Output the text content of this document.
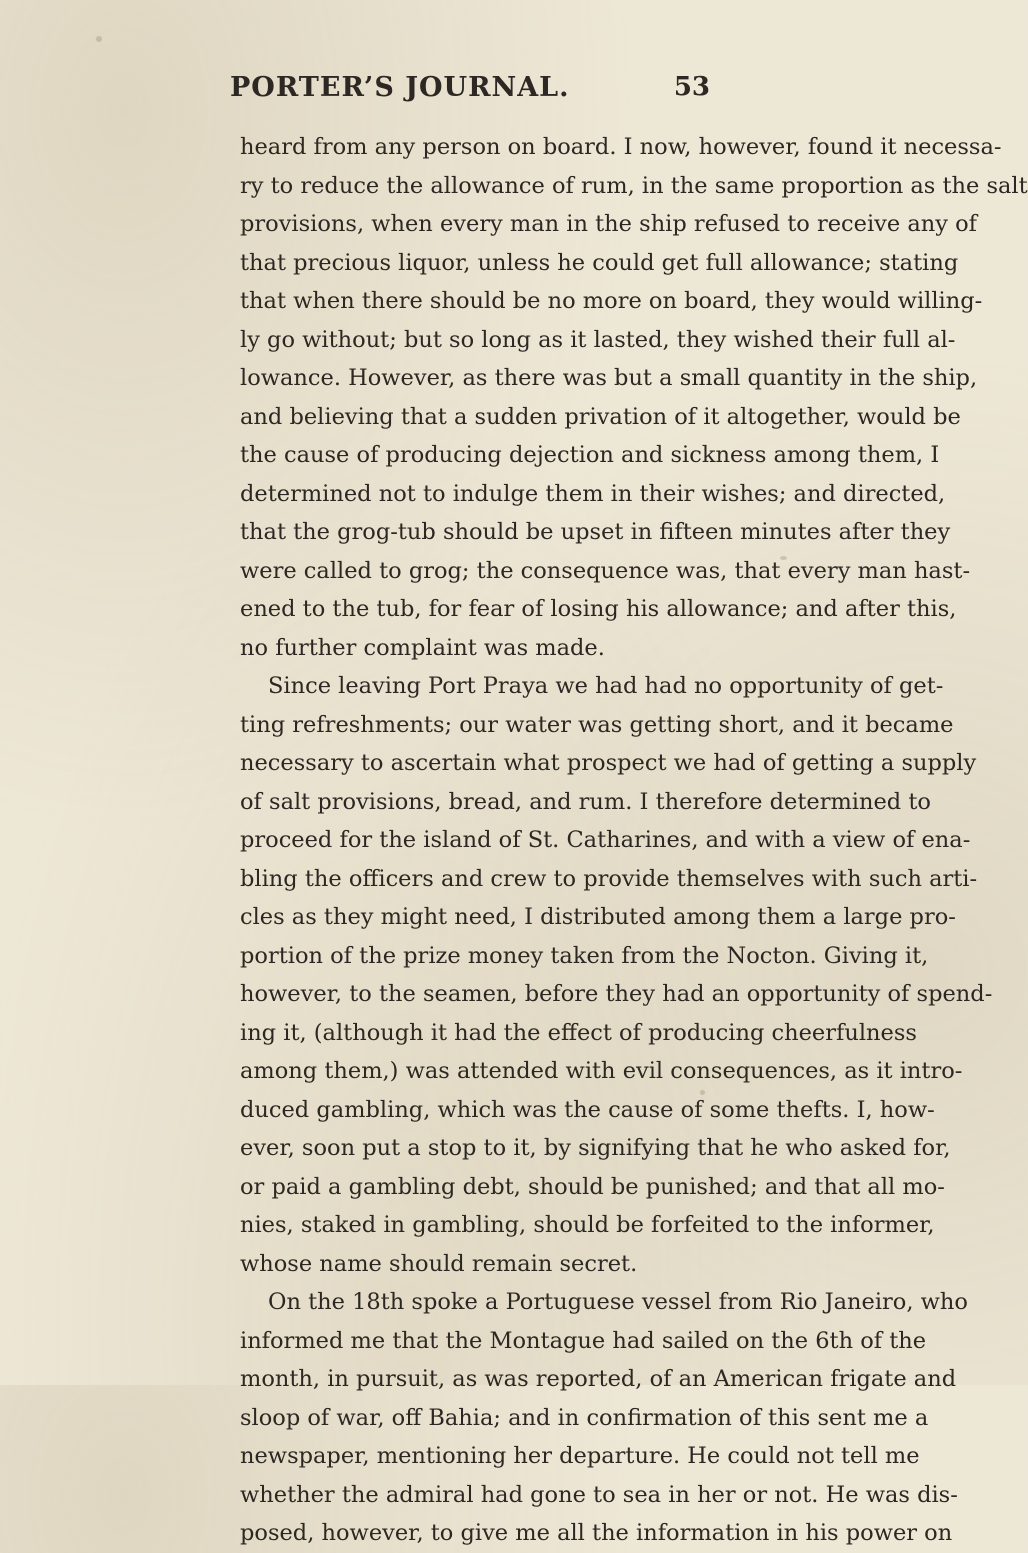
PORTER’S JOURNAL.	53
heard from any person on board. I now, however, found it necessa-
ry to reduce the allowance of rum, in the same proportion as the salt
provisions, when every man in the ship refused to receive any of
that precious liquor, unless he could get full allowance; stating
that when there should be no more on board, they would willing-
ly go without; but so long as it lasted, they wished their full al-
lowance. However, as there was but a small quantity in the ship,
and believing that a sudden privation of it altogether, would be
the cause of producing dejection and sickness among them, I
determined not to indulge them in their wishes; and directed,
that the grog-tub should be upset in fifteen minutes after they
were called to grog; the consequence was, that every man hast-
ened to the tub, for fear of losing his allowance; and after this,
no further complaint was made.
Since leaving Port Praya we had had no opportunity of get-
ting refreshments; our water was getting short, and it became
necessary to ascertain what prospect we had of getting a supply
of salt provisions, bread, and rum. I therefore determined to
proceed for the island of St. Catharines, and with a view of ena-
bling the officers and crew to provide themselves with such arti-
cles as they might need, I distributed among them a large pro-
portion of the prize money taken from the Nocton. Giving it,
however, to the seamen, before they had an opportunity of spend-
ing it, (although it had the effect of producing cheerfulness
among them,) was attended with evil consequences, as it intro-
duced gambling, which was the cause of some thefts. I, how-
ever, soon put a stop to it, by signifying that he who asked for,
or paid a gambling debt, should be punished; and that all mo-
nies, staked in gambling, should be forfeited to the informer,
whose name should remain secret.
On the 18th spoke a Portuguese vessel from Rio Janeiro, who
informed me that the Montague had sailed on the 6th of the
month, in pursuit, as was reported, of an American frigate and
sloop of war, off Bahia; and in confirmation of this sent me a
newspaper, mentioning her departure. He could not tell me
whether the admiral had gone to sea in her or not. He was dis-
posed, however, to give me all the information in his power on
